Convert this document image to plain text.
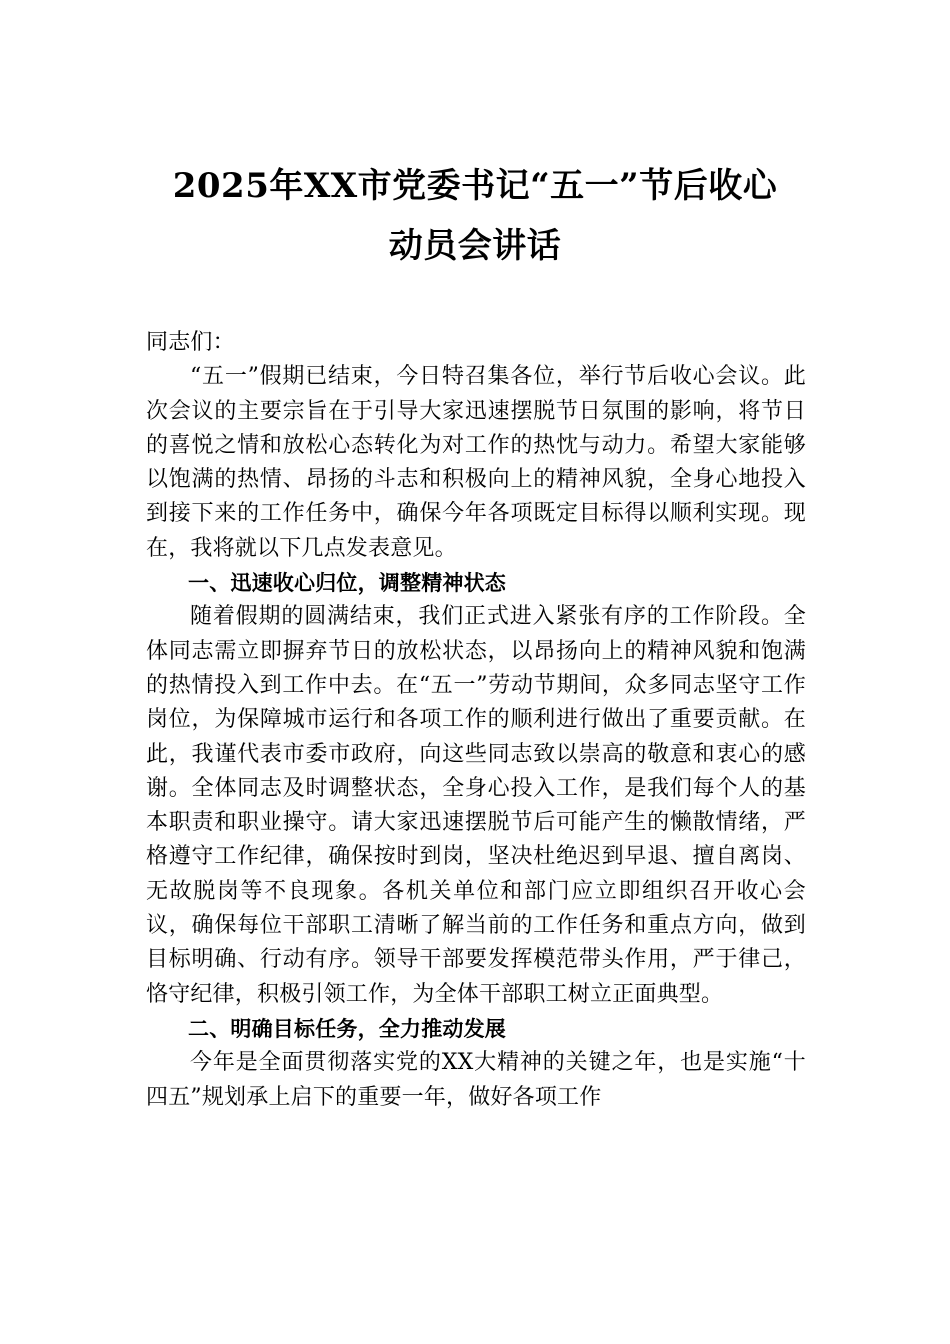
2025年XX市党委书记“五一”节后收心
动员会讲话

同志们：

“五一”假期已结束，今日特召集各位，举行节后收心会议。此次会议的主要宗旨在于引导大家迅速摆脱节日氛围的影响，将节日的喜悦之情和放松心态转化为对工作的热忱与动力。希望大家能够以饱满的热情、昂扬的斗志和积极向上的精神风貌，全身心地投入到接下来的工作任务中，确保今年各项既定目标得以顺利实现。现在，我将就以下几点发表意见。

一、迅速收心归位，调整精神状态

随着假期的圆满结束，我们正式进入紧张有序的工作阶段。全体同志需立即摒弃节日的放松状态，以昂扬向上的精神风貌和饱满的热情投入到工作中去。在“五一”劳动节期间，众多同志坚守工作岗位，为保障城市运行和各项工作的顺利进行做出了重要贡献。在此，我谨代表市委市政府，向这些同志致以崇高的敬意和衷心的感谢。全体同志及时调整状态，全身心投入工作，是我们每个人的基本职责和职业操守。请大家迅速摆脱节后可能产生的懒散情绪，严格遵守工作纪律，确保按时到岗，坚决杜绝迟到早退、擅自离岗、无故脱岗等不良现象。各机关单位和部门应立即组织召开收心会议，确保每位干部职工清晰了解当前的工作任务和重点方向，做到目标明确、行动有序。领导干部要发挥模范带头作用，严于律己，恪守纪律，积极引领工作，为全体干部职工树立正面典型。

二、明确目标任务，全力推动发展

今年是全面贯彻落实党的XX大精神的关键之年，也是实施“十四五”规划承上启下的重要一年，做好各项工作
